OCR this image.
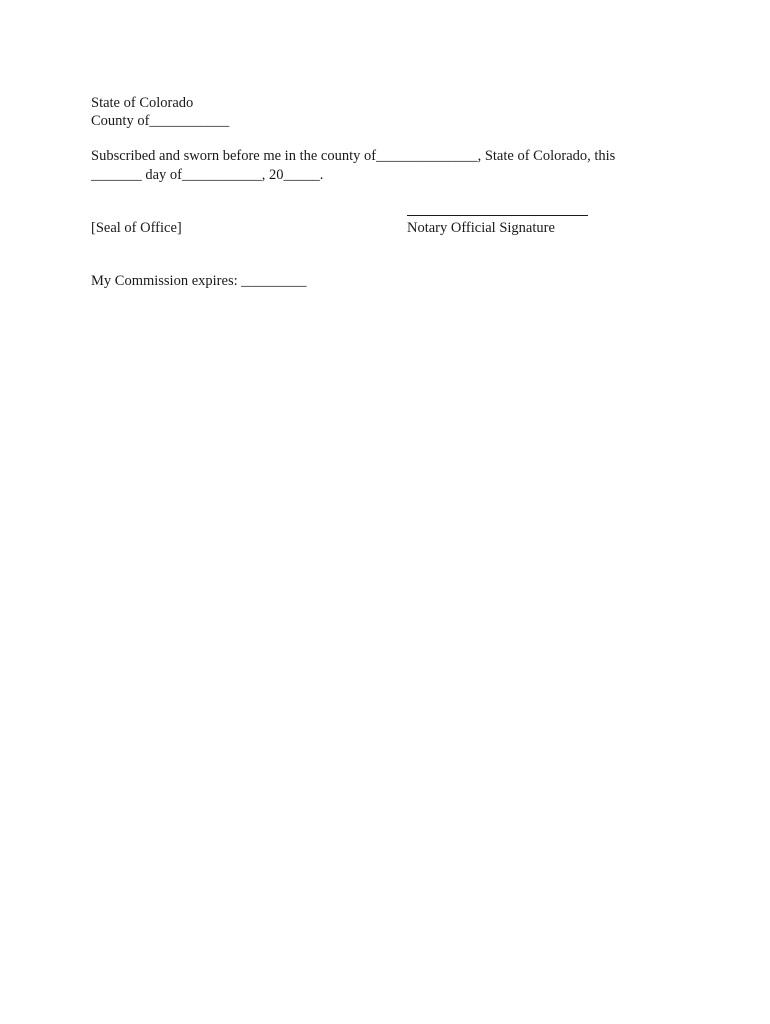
State of Colorado
County of___________
Subscribed and sworn before me in the county of______________, State of Colorado, this
_______ day of___________, 20_____.
[Seal of Office]	Notary Official Signature
My Commission expires: _________
